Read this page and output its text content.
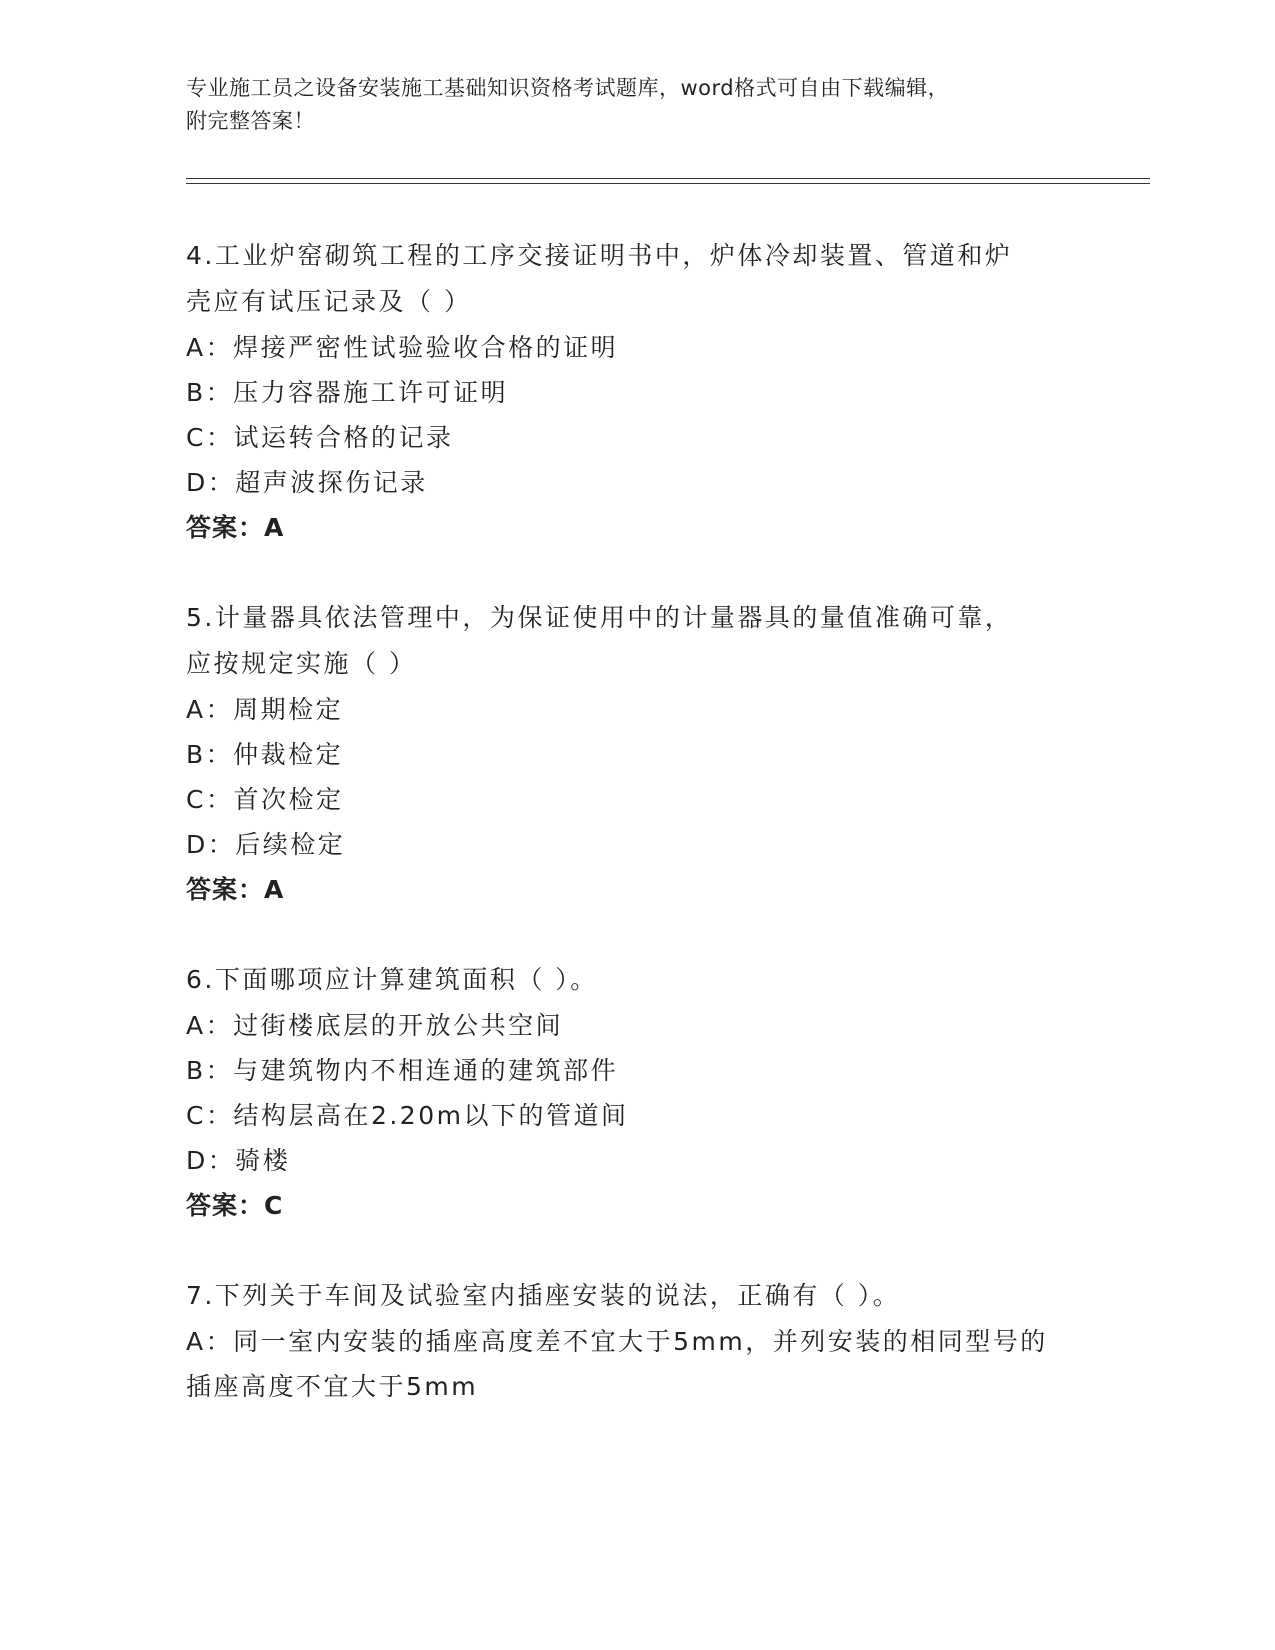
专业施工员之设备安装施工基础知识资格考试题库，word格式可自由下载编辑，
附完整答案！
4.工业炉窑砌筑工程的工序交接证明书中，炉体冷却装置、管道和炉
壳应有试压记录及（ ）
A：焊接严密性试验验收合格的证明
B：压力容器施工许可证明
C：试运转合格的记录
D：超声波探伤记录
答案：A
5.计量器具依法管理中，为保证使用中的计量器具的量值准确可靠，
应按规定实施（ ）
A：周期检定
B：仲裁检定
C：首次检定
D：后续检定
答案：A
6.下面哪项应计算建筑面积（ ）。
A：过街楼底层的开放公共空间
B：与建筑物内不相连通的建筑部件
C：结构层高在2.20m以下的管道间
D：骑楼
答案：C
7.下列关于车间及试验室内插座安装的说法，正确有（ ）。
A：同一室内安装的插座高度差不宜大于5mm，并列安装的相同型号的
插座高度不宜大于5mm
